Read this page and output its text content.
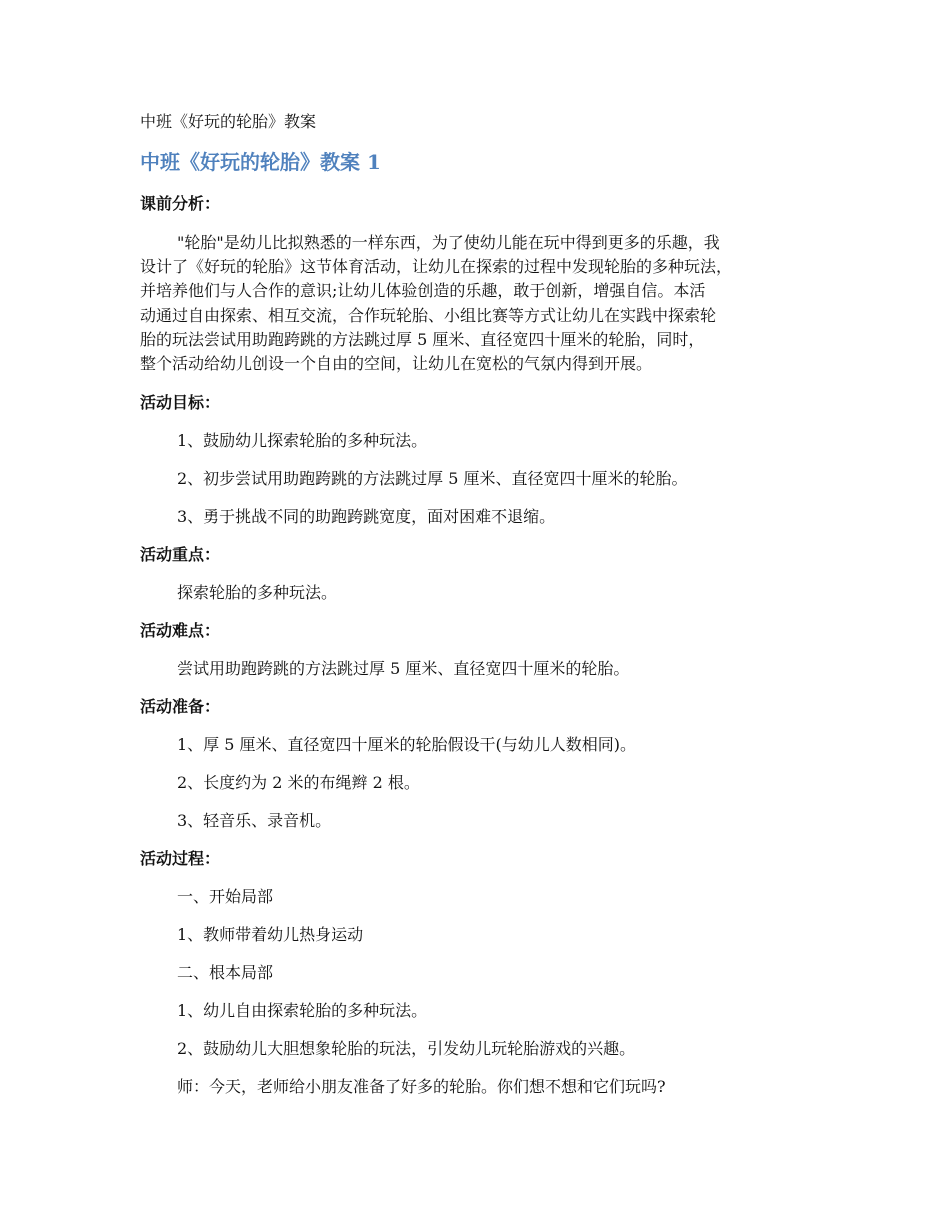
中班《好玩的轮胎》教案
中班《好玩的轮胎》教案 1
课前分析：
"轮胎"是幼儿比拟熟悉的一样东西，为了使幼儿能在玩中得到更多的乐趣，我
设计了《好玩的轮胎》这节体育活动，让幼儿在探索的过程中发现轮胎的多种玩法，
并培养他们与人合作的意识;让幼儿体验创造的乐趣，敢于创新，增强自信。本活
动通过自由探索、相互交流，合作玩轮胎、小组比赛等方式让幼儿在实践中探索轮
胎的玩法尝试用助跑跨跳的方法跳过厚 5 厘米、直径宽四十厘米的轮胎，同时，
整个活动给幼儿创设一个自由的空间，让幼儿在宽松的气氛内得到开展。
活动目标：
1、鼓励幼儿探索轮胎的多种玩法。
2、初步尝试用助跑跨跳的方法跳过厚 5 厘米、直径宽四十厘米的轮胎。
3、勇于挑战不同的助跑跨跳宽度，面对困难不退缩。
活动重点：
探索轮胎的多种玩法。
活动难点：
尝试用助跑跨跳的方法跳过厚 5 厘米、直径宽四十厘米的轮胎。
活动准备：
1、厚 5 厘米、直径宽四十厘米的轮胎假设干(与幼儿人数相同)。
2、长度约为 2 米的布绳辫 2 根。
3、轻音乐、录音机。
活动过程：
一、开始局部
1、教师带着幼儿热身运动
二、根本局部
1、幼儿自由探索轮胎的多种玩法。
2、鼓励幼儿大胆想象轮胎的玩法，引发幼儿玩轮胎游戏的兴趣。
师：今天，老师给小朋友准备了好多的轮胎。你们想不想和它们玩吗?
